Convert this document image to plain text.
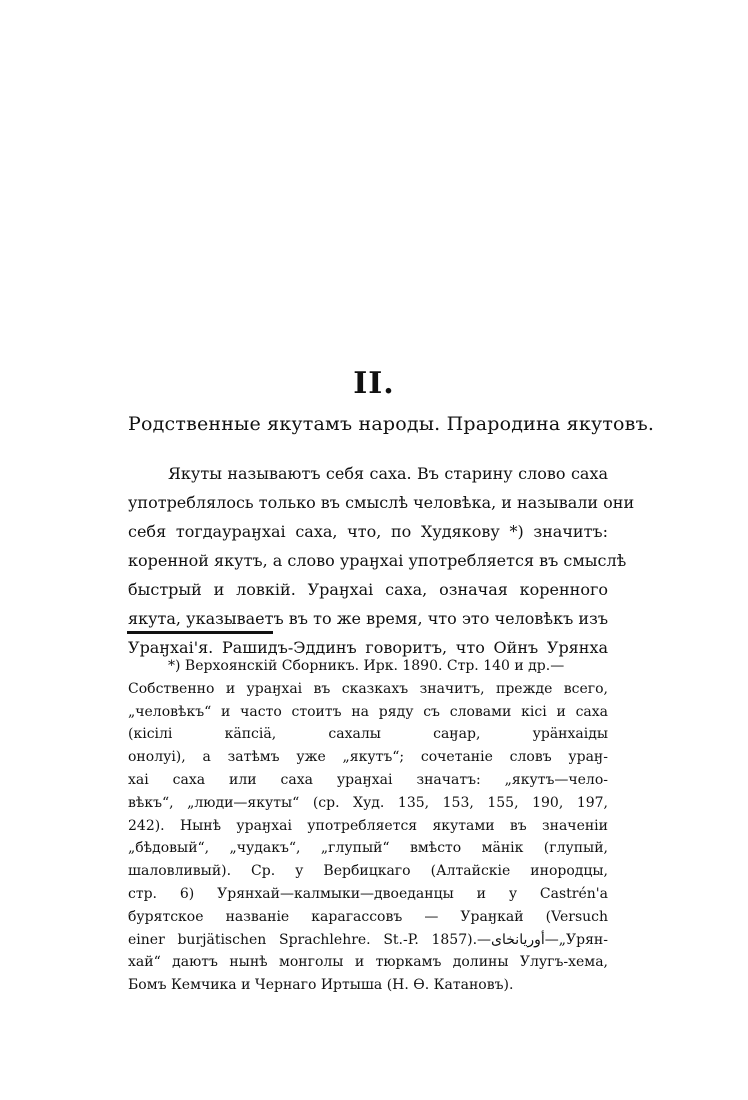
II.
Родственные якутамъ народы. Прародина якутовъ.
Якуты называютъ себя саха. Въ старину слово саха
употреблялось только въ смыслѣ человѣка, и называли они
себя тогдаураӈхаі саха, что, по Худякову *) значитъ:
коренной якутъ, а слово ураӈхаі употребляется въ смыслѣ
быстрый и ловкій. Ураӈхаі саха, означая коренного
якута, указываетъ въ то же время, что это человѣкъ изъ
Ураӈхаі'я. Рашидъ-Эддинъ говоритъ, что Ойнъ Урянха
*) Верхоянскій Сборникъ. Ирк. 1890. Стр. 140 и др.—
Собственно и ураӈхаі въ сказкахъ значитъ, прежде всего,
„человѣкъ“ и часто стоитъ на ряду съ словами кісі и саха
(кісілі кäпсіä, сахалы саӈар, урäнхаіды
онолуі), а затѣмъ уже „якутъ“; сочетаніе словъ ураӈ-
хаі саха или саха ураӈхаі значатъ: „якутъ—чело-
вѣкъ“, „люди—якуты“ (ср. Худ. 135, 153, 155, 190, 197,
242). Нынѣ ураӈхаі употребляется якутами въ значеніи
„бѣдовый“, „чудакъ“, „глупый“ вмѣсто мäнік (глупый,
шаловливый). Ср. у Вербицкаго (Алтайскіе инородцы,
стр. 6) Урянхай—калмыки—двоеданцы и у Castrén'а
бурятское названіе карагассовъ — Ураӈкай (Versuch
einer burjätischen Sprachlehre. St.-P. 1857).—أوريانخاى—„Урян-
хай“ даютъ нынѣ монголы и тюркамъ долины Улугъ-хема,
Бомъ Кемчика и Чернаго Иртыша (Н. Ѳ. Катановъ).
